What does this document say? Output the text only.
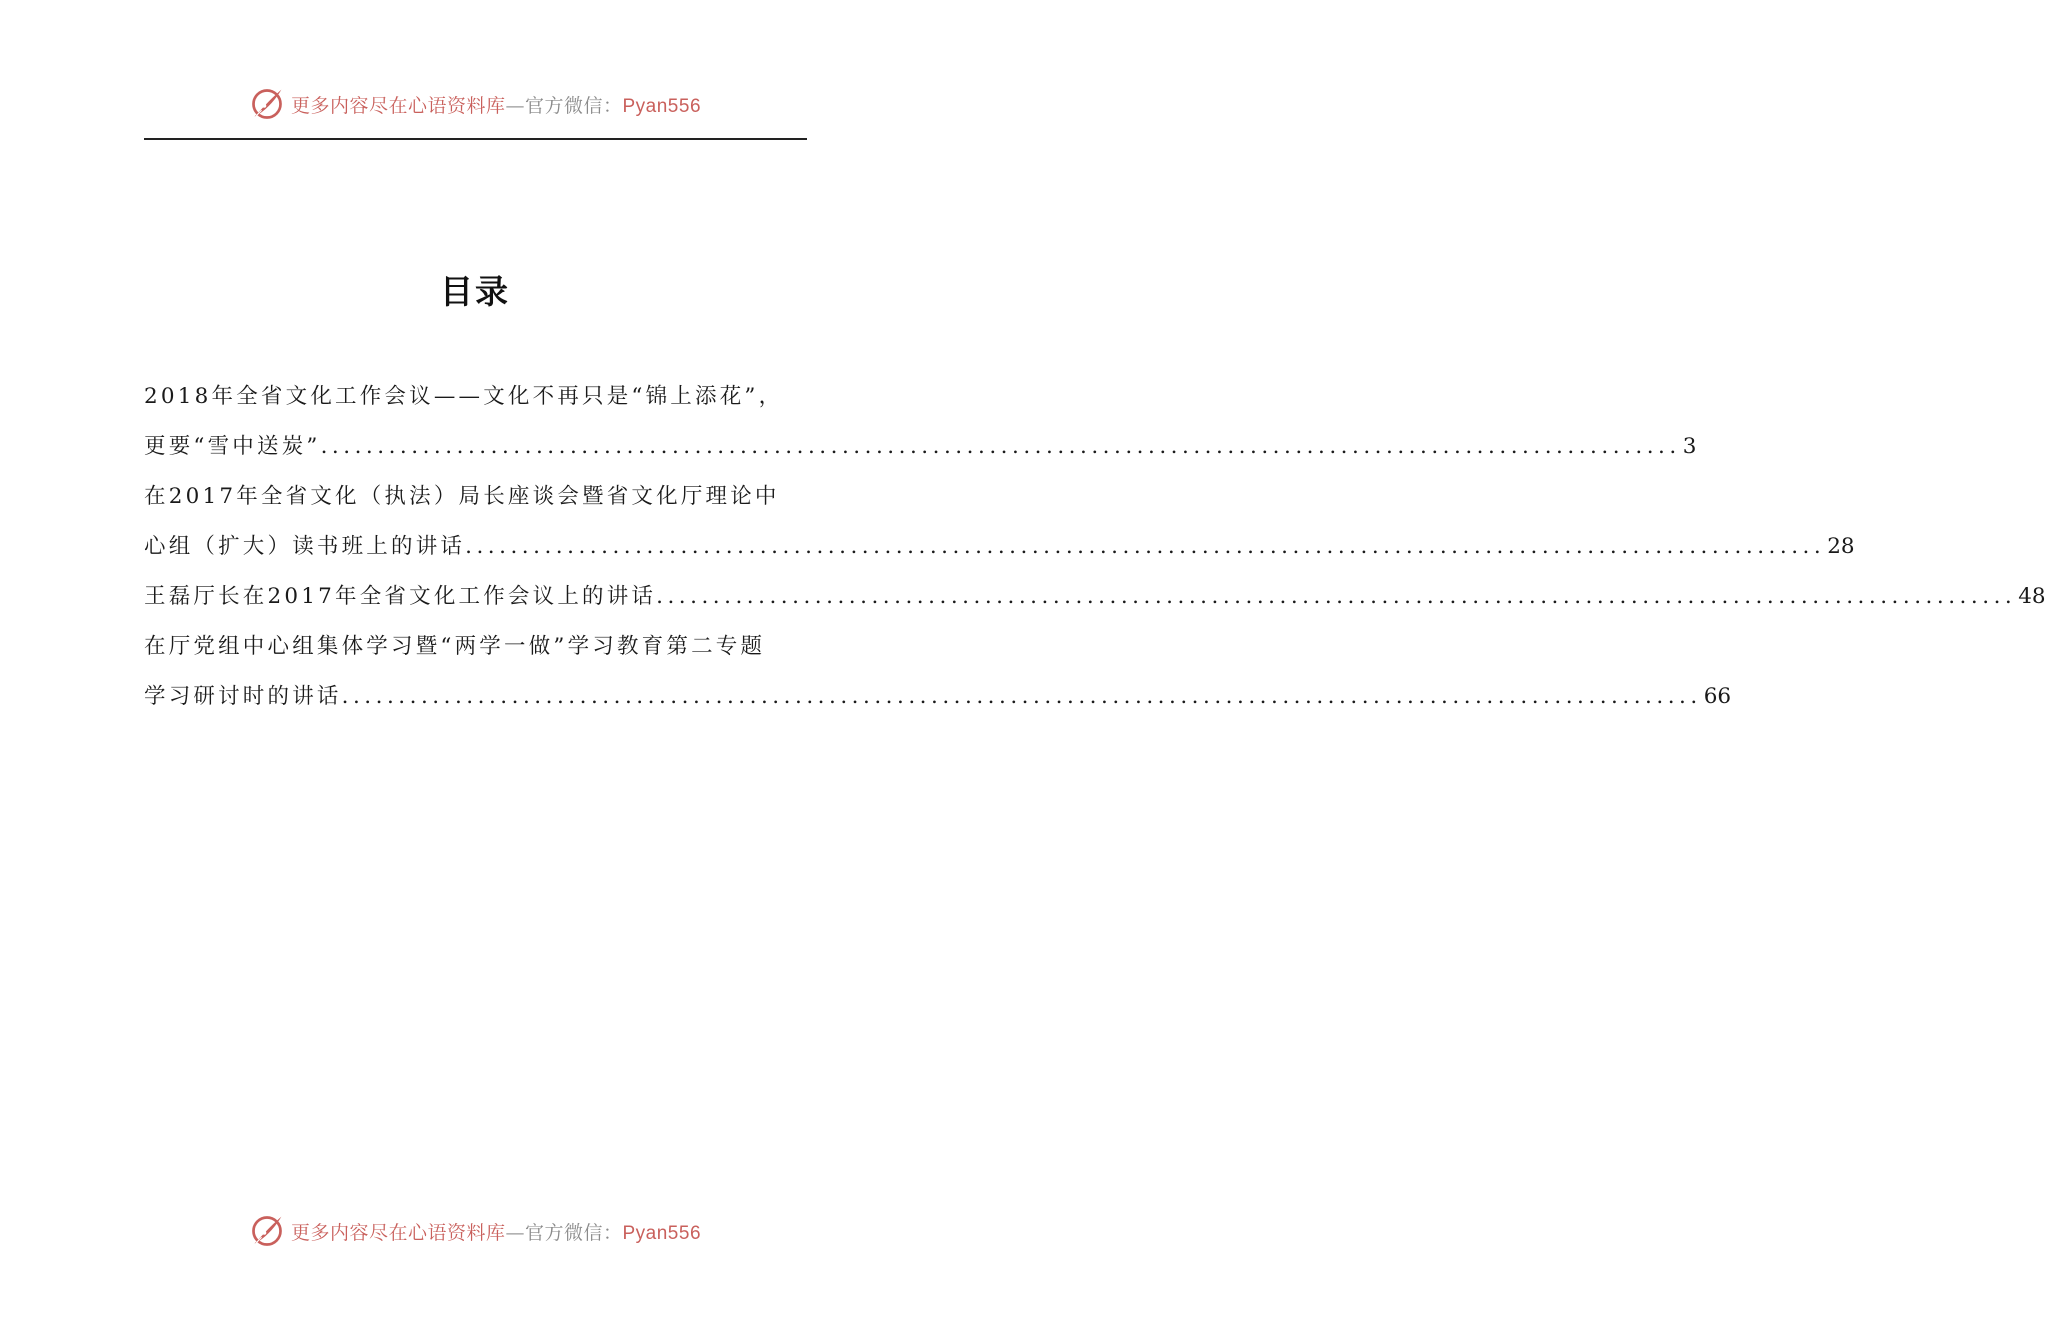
更多内容尽在心语资料库—官方微信：Pyan556
目录
2018年全省文化工作会议——文化不再只是“锦上添花”，
更要“雪中送炭” ........................................................................................................................ 3
在2017年全省文化（执法）局长座谈会暨省文化厅理论中
心组（扩大）读书班上的讲话 ........................................................................................................................ 28
王磊厅长在2017年全省文化工作会议上的讲话 ........................................................................................................................ 48
在厅党组中心组集体学习暨“两学一做”学习教育第二专题
学习研讨时的讲话 ........................................................................................................................ 66
更多内容尽在心语资料库—官方微信：Pyan556
